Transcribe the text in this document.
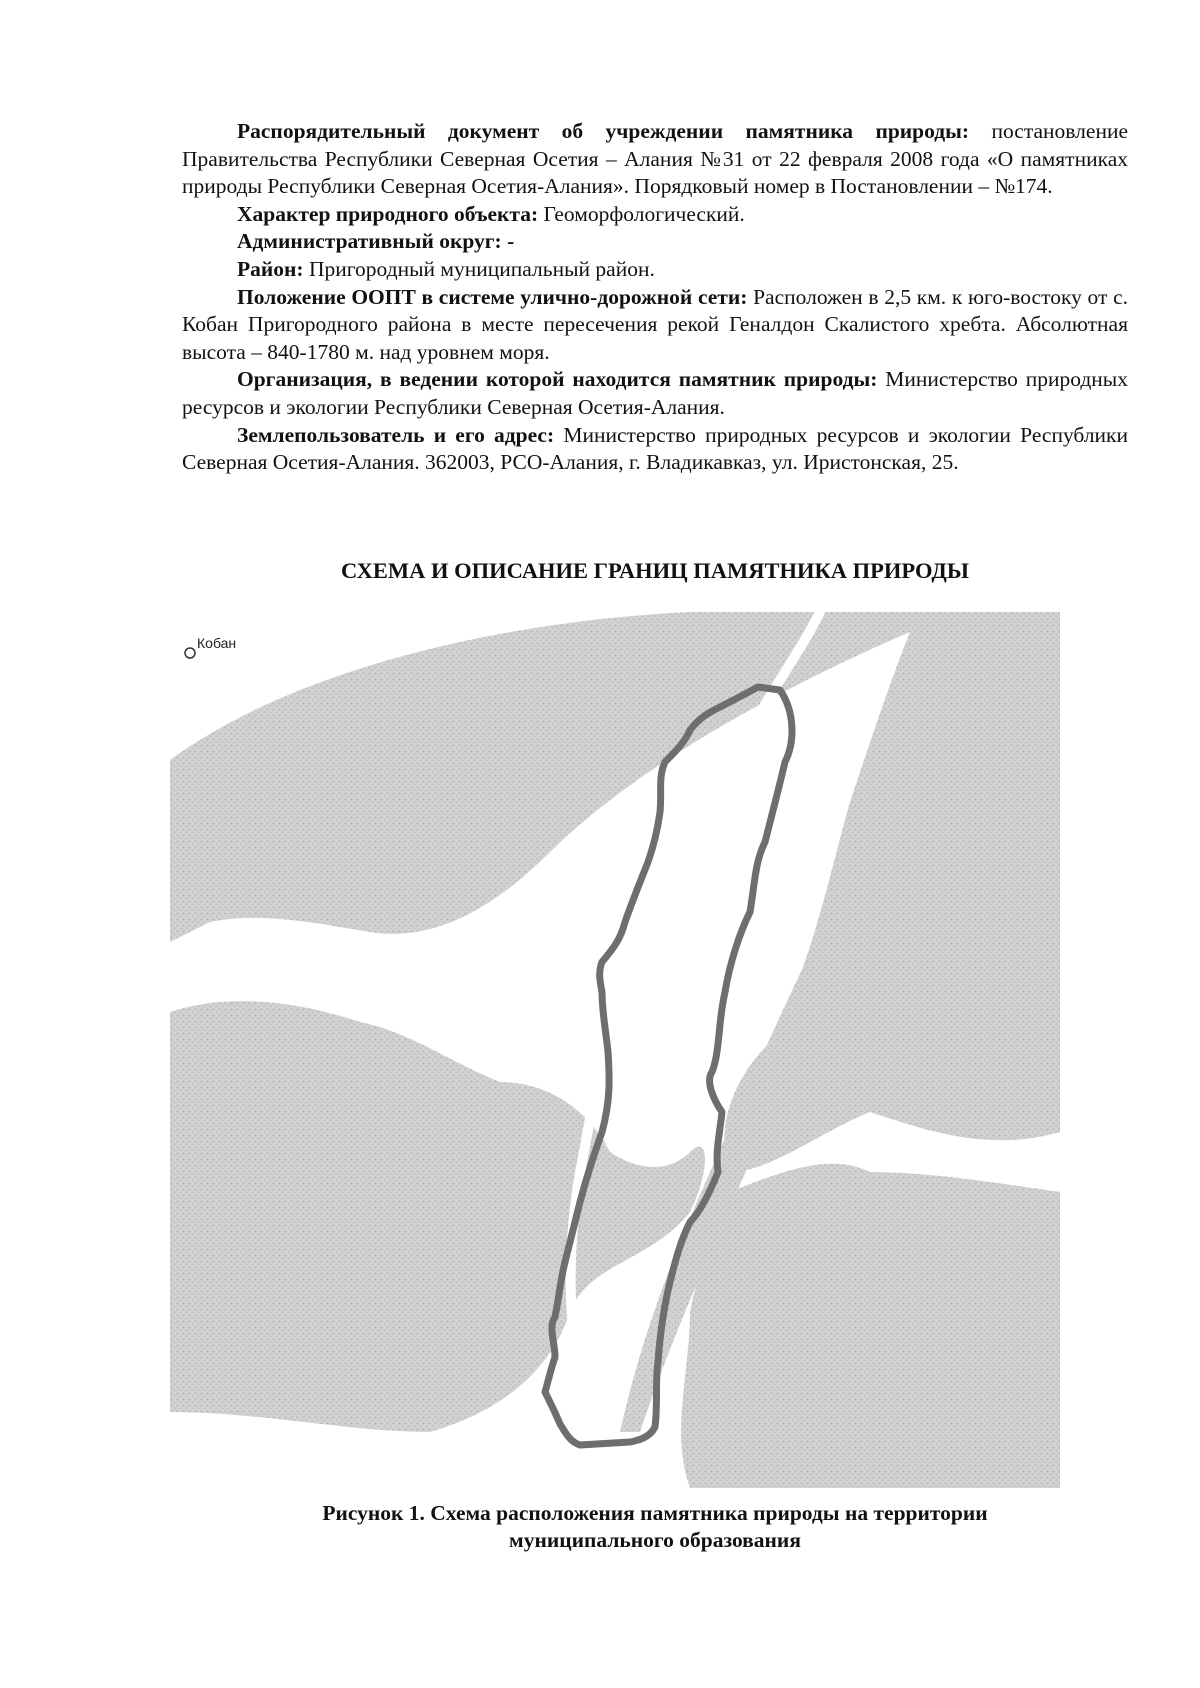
Распорядительный документ об учреждении памятника природы: постановление Правительства Республики Северная Осетия – Алания №31 от 22 февраля 2008 года «О памятниках природы Республики Северная Осетия-Алания». Порядковый номер в Постановлении – №174.

Характер природного объекта: Геоморфологический.

Административный округ: -

Район: Пригородный муниципальный район.

Положение ООПТ в системе улично-дорожной сети: Расположен в 2,5 км. к юго-востоку от с. Кобан Пригородного района в месте пересечения рекой Геналдон Скалистого хребта. Абсолютная высота – 840-1780 м. над уровнем моря.

Организация, в ведении которой находится памятник природы: Министерство природных ресурсов и экологии Республики Северная Осетия-Алания.

Землепользователь и его адрес: Министерство природных ресурсов и экологии Республики Северная Осетия-Алания. 362003, РСО-Алания, г. Владикавказ, ул. Иристонская, 25.

СХЕМА И ОПИСАНИЕ ГРАНИЦ ПАМЯТНИКА ПРИРОДЫ
Кобан
Рисунок 1. Схема расположения памятника природы на территории
муниципального образования
